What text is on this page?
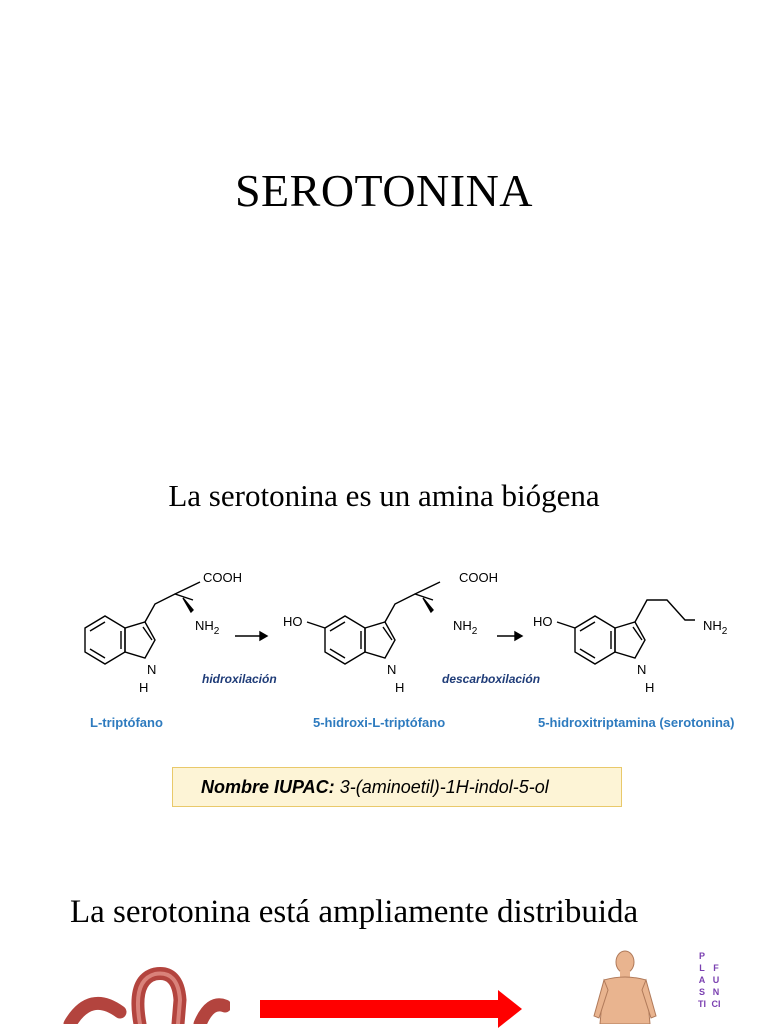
SEROTONINA
La serotonina es un amina biógena
COOH
$NH_2$
N
H
HO
COOH
$NH_2$
N
H
HO	$NH_2$
N
H
hidroxilación	descarboxilación
L-triptófano	5-hidroxi-L-triptófano	5-hidroxitriptamina (serotonina)
Nombre IUPAC: 3-(aminoetil)-1H-indol-5-ol
La serotonina está ampliamente distribuida
PLASTI
FUNCI
